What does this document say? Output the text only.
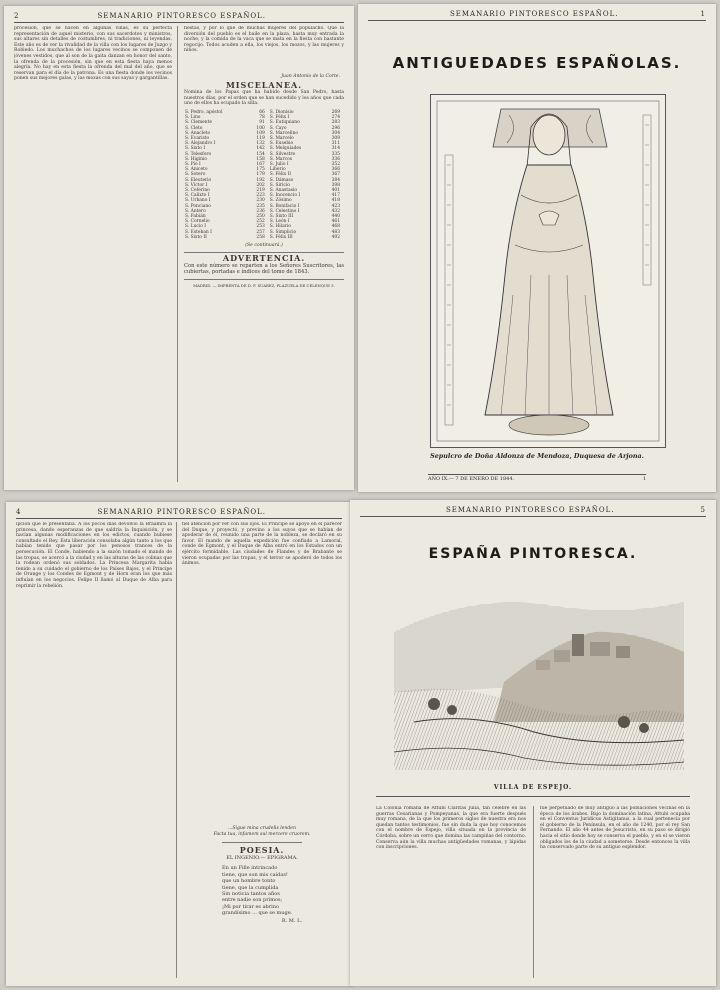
2	SEMANARIO PINTORESCO ESPAÑOL.
procesión, que se hacen en algunas villas, es su perfecta representación de aquel misterio, con sus sacerdotes y ministros, sus altares sin detalles de costumbres, ni tradiciones, ni leyendas. Este año es de ver la rivalidad de la villa con los lugares de Juzgo y Robledo. Los muchachos de los lugares vecinos se componen de jóvenes vestidos, que al son de la gaita danzan en honor del santo, la ofrenda de la procesión, sin que en esta fiesta haya menos alegría. No hay en esta fiesta la ofrenda del mal del año, que se reservan para el día de la patrona. Es una fiesta donde los vecinos ponen sus mejores galas, y las mozas con sus sayas y gargantillas.
fiestas, y por lo que de muchas mujeres del populacho. Que la diversión del pueblo es el baile en la plaza, hasta muy entrada la noche, y la comida de la vaca que se mata en la fiesta con bastante regocijo. Todos acuden a ella, los viejos, los mozos, y las mujeres y niños.
Juan Antonio de la Corte.
MISCELANEA.
Nomina de los Papas que ha habido desde San Pedro, hasta nuestros días, por el orden que se han sucedido y los años que cada uno de ellos ha ocupado la silla.
S. Pedro, apóstol	66	S. Dionisio	269
S. Lino	78	S. Félix I	274
S. Clemente	91	S. Eutiquiano	283
S. Cleto	100	S. Cayo	296
S. Anacleto	109	S. Marcelino	304
S. Evaristo	119	S. Marcelo	309
S. Alejandro I	132	S. Eusebio	311
S. Sixto I	142	S. Melquíades	314
S. Telesforo	154	S. Silvestre	335
S. Higinio	158	S. Marcos	336
S. Pío I	167	S. Julio I	352
S. Aniceto	175	Liberio	366
S. Sotero	179	S. Félix II	367
S. Eleuterio	192	S. Dámaso	384
S. Víctor I	202	S. Siricio	398
S. Ceferino	219	S. Anastasio	401
S. Calixto I	223	S. Inocencio I	417
S. Urbano I	230	S. Zósimo	418
S. Ponciano	235	S. Bonifacio I	423
S. Antero	236	S. Celestino I	432
S. Fabián	250	S. Sixto III	440
S. Cornelio	252	S. León I	461
S. Lucio I	253	S. Hilario	468
S. Esteban I	257	S. Simplicio	483
S. Sixto II	258	S. Félix III	492
(Se continuará.)
ADVERTENCIA.
Con este número se reparten a los Señores Suscritores, las cubiertas, portadas e índices del tomo de 1843.
MADRID. — IMPRENTA DE D. F. SUAREZ, PLAZUELA DE CELENQUE 3.
SEMANARIO PINTORESCO ESPAÑOL.	1
ANTIGUEDADES ESPAÑOLAS.
Sepulcro de Doña Aldonza de Mendoza, Duquesa de Arjona.
AÑO IX.— 7 DE ENERO DE 1844.	1
4	SEMANARIO PINTORESCO ESPAÑOL.
ipción que le presentaba. A los pocos días devolvió la Braamra la princesa, dando esperanzas de que saldría la Inquisición, y se hacían algunas modificaciones en los edictos, cuando hubiese consultado el Rey. Esta liberación consolaba algún tanto a los que habían tenido que pasar por los penosos trances de la persecución. El Conde, habiendo a la sazón tomado el mando de las tropas, se acercó a la ciudad y en las alturas de las colinas que la rodean ordenó sus soldados. La Princesa Margarita había tenido a su cuidado el gobierno de los Países Bajos, y el Principe de Orange y los Condes de Egmont y de Horn eran los que más influían en los negocios. Felipe II llamó al Duque de Alba para reprimir la rebelión.
fiel atencion por ver con sus ojos. El Príncipe se apoyó en el parecer del Duque, y proyectó, y previno a los suyos que se habían de apoderar de él, reunido una parte de la nobleza, se declaró en su favor. El mando de aquella expedición fue confiado a Lamoral, conde de Egmont, y el Duque de Alba entró en los Estados con un ejército formidable. Las ciudades de Flandes y de Brabante se vieron ocupadas por las tropas, y el terror se apoderó de todos los ánimos.
...Sigue mina crudelis lenden
Facta tua, infamem sul mercere cruorem.
POESIA.
EL INGENIO.— EPIGRAMA.
En un Fille intrincado
tiene, que son mis caídas!
que un hombre tonto
tiene, que la cumplida
Sin noticia tantos años
entre nadie son primos;
¡Mi por tirar es abrino
grandísimo ... que se muge.
R. M. L.
SEMANARIO PINTORESCO ESPAÑOL.	5
ESPAÑA PINTORESCA.
VILLA DE ESPEJO.
La Colonia romana de Attubi Claritas Julia, tan célebre en las guerras Cesarianas y Pompeyanas, la que era fuerte después muy romana, de la que los primeros siglos de nuestra era nos quedan tantos testimonios, fue sin duda la que hoy conocemos con el nombre de Espejo, villa situada en la provincia de Córdoba, sobre un cerro que domina las campiñas del contorno. Conserva aún la villa muchas antigüedades romanas, y lápidas con inscripciones.
fue perpetuado de muy antiguo a las poblaciones vecinas en la época de los árabes. Bajo la dominación latina, Attubi ocupaba en el Conventus Juridicus Astigitanus, a la cual pertenecía por el gobierno de la Península, en el año de 1240, por el rey San Fernando. El año 44 antes de Jesucristo, en su paso se dirigió hacia el sitio donde hoy se conserva el pueblo, y en el se vieron obligados los de la ciudad a someterse. Desde entonces la villa ha conservado parte de su antiguo esplendor.
